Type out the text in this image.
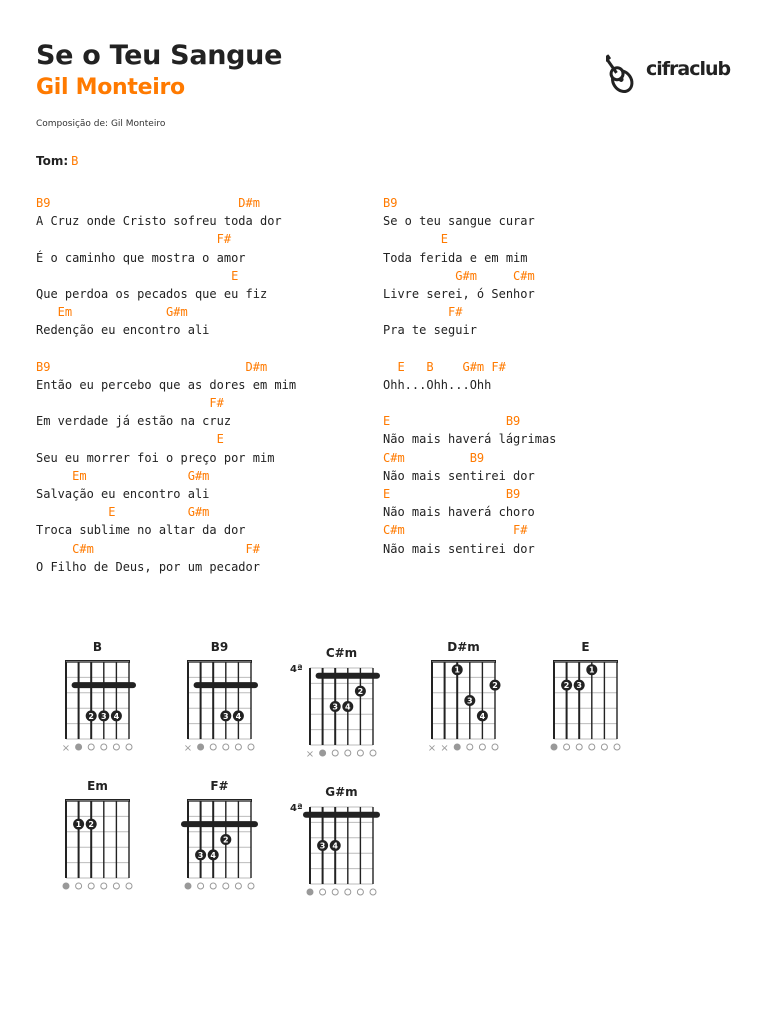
Se o Teu Sangue
Gil Monteiro
Composição de: Gil Monteiro
cifraclub
Tom: B
B9                          D#m
A Cruz onde Cristo sofreu toda dor
F#
É o caminho que mostra o amor
E
Que perdoa os pecados que eu fiz
Em             G#m
Redenção eu encontro ali
B9                           D#m
Então eu percebo que as dores em mim
F#
Em verdade já estão na cruz
E
Seu eu morrer foi o preço por mim
Em              G#m
Salvação eu encontro ali
E          G#m
Troca sublime no altar da dor
C#m                     F#
O Filho de Deus, por um pecador
B9
Se o teu sangue curar
E
Toda ferida e em mim
G#m     C#m
Livre serei, ó Senhor
F#
Pra te seguir
E   B    G#m F#
Ohh...Ohh...Ohh
E                B9
Não mais haverá lágrimas
C#m         B9
Não mais sentirei dor
E                B9
Não mais haverá choro
C#m               F#
Não mais sentirei dor
B
2 3 4
×
B9
3 4
×
C#m
4ª
2
3 4
×
D#m
1
2
3
4
× ×
E
1
2 3
Em
1 2
F#
2
3 4
G#m
4ª
3 4
